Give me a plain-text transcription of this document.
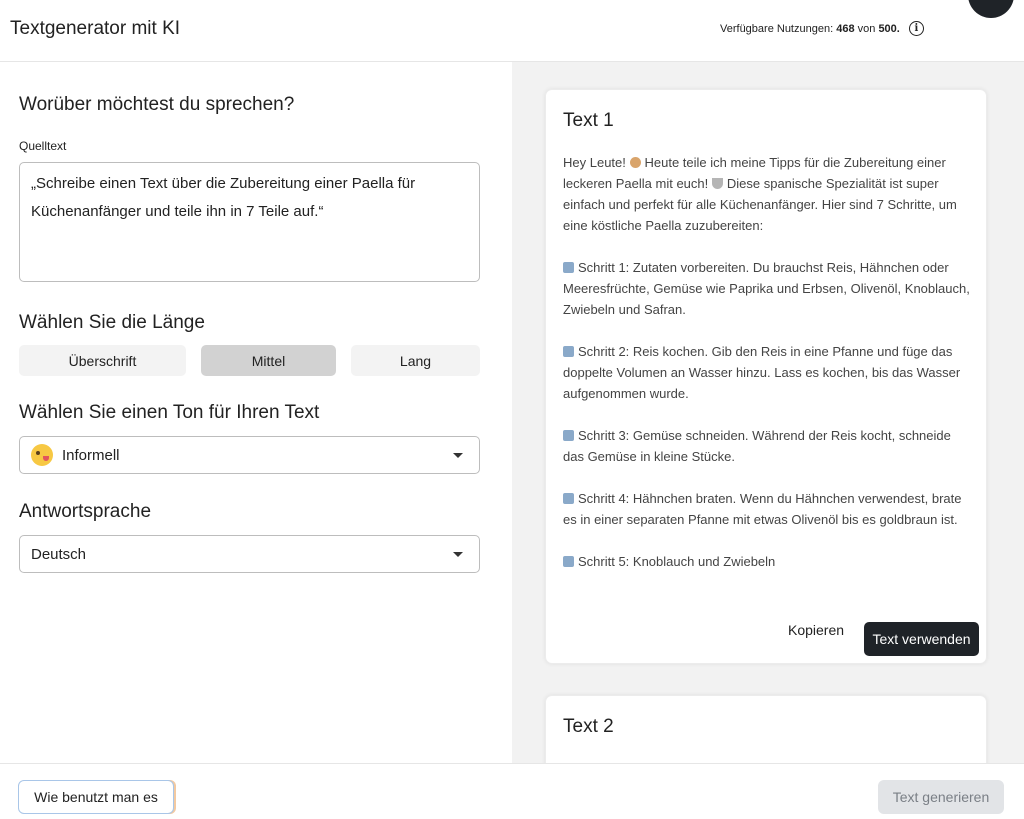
Textgenerator mit KI	Verfügbare Nutzungen:
468
von
500 .	i
Worüber möchtest du sprechen?
Quelltext
„Schreibe einen Text über die Zubereitung einer Paella für Küchenanfänger und teile ihn in 7 Teile auf.“
Wählen Sie die Länge
Überschrift	Mittel	Lang
Wählen Sie einen Ton für Ihren Text
Informell
Antwortsprache
Deutsch
Text 1

Hey Leute! Heute teile ich meine Tipps für die Zubereitung einer leckeren Paella mit euch! Diese spanische Spezialität ist super einfach und perfekt für alle Küchenanfänger. Hier sind 7 Schritte, um eine köstliche Paella zuzubereiten:

Schritt 1: Zutaten vorbereiten. Du brauchst Reis, Hähnchen oder Meeresfrüchte, Gemüse wie Paprika und Erbsen, Olivenöl, Knoblauch, Zwiebeln und Safran.

Schritt 2: Reis kochen. Gib den Reis in eine Pfanne und füge das doppelte Volumen an Wasser hinzu. Lass es kochen, bis das Wasser aufgenommen wurde.

Schritt 3: Gemüse schneiden. Während der Reis kocht, schneide das Gemüse in kleine Stücke.

Schritt 4: Hähnchen braten. Wenn du Hähnchen verwendest, brate es in einer separaten Pfanne mit etwas Olivenöl bis es goldbraun ist.

Schritt 5: Knoblauch und Zwiebeln

Kopieren
Text verwenden
Text 2
Wie benutzt man es	Text generieren
